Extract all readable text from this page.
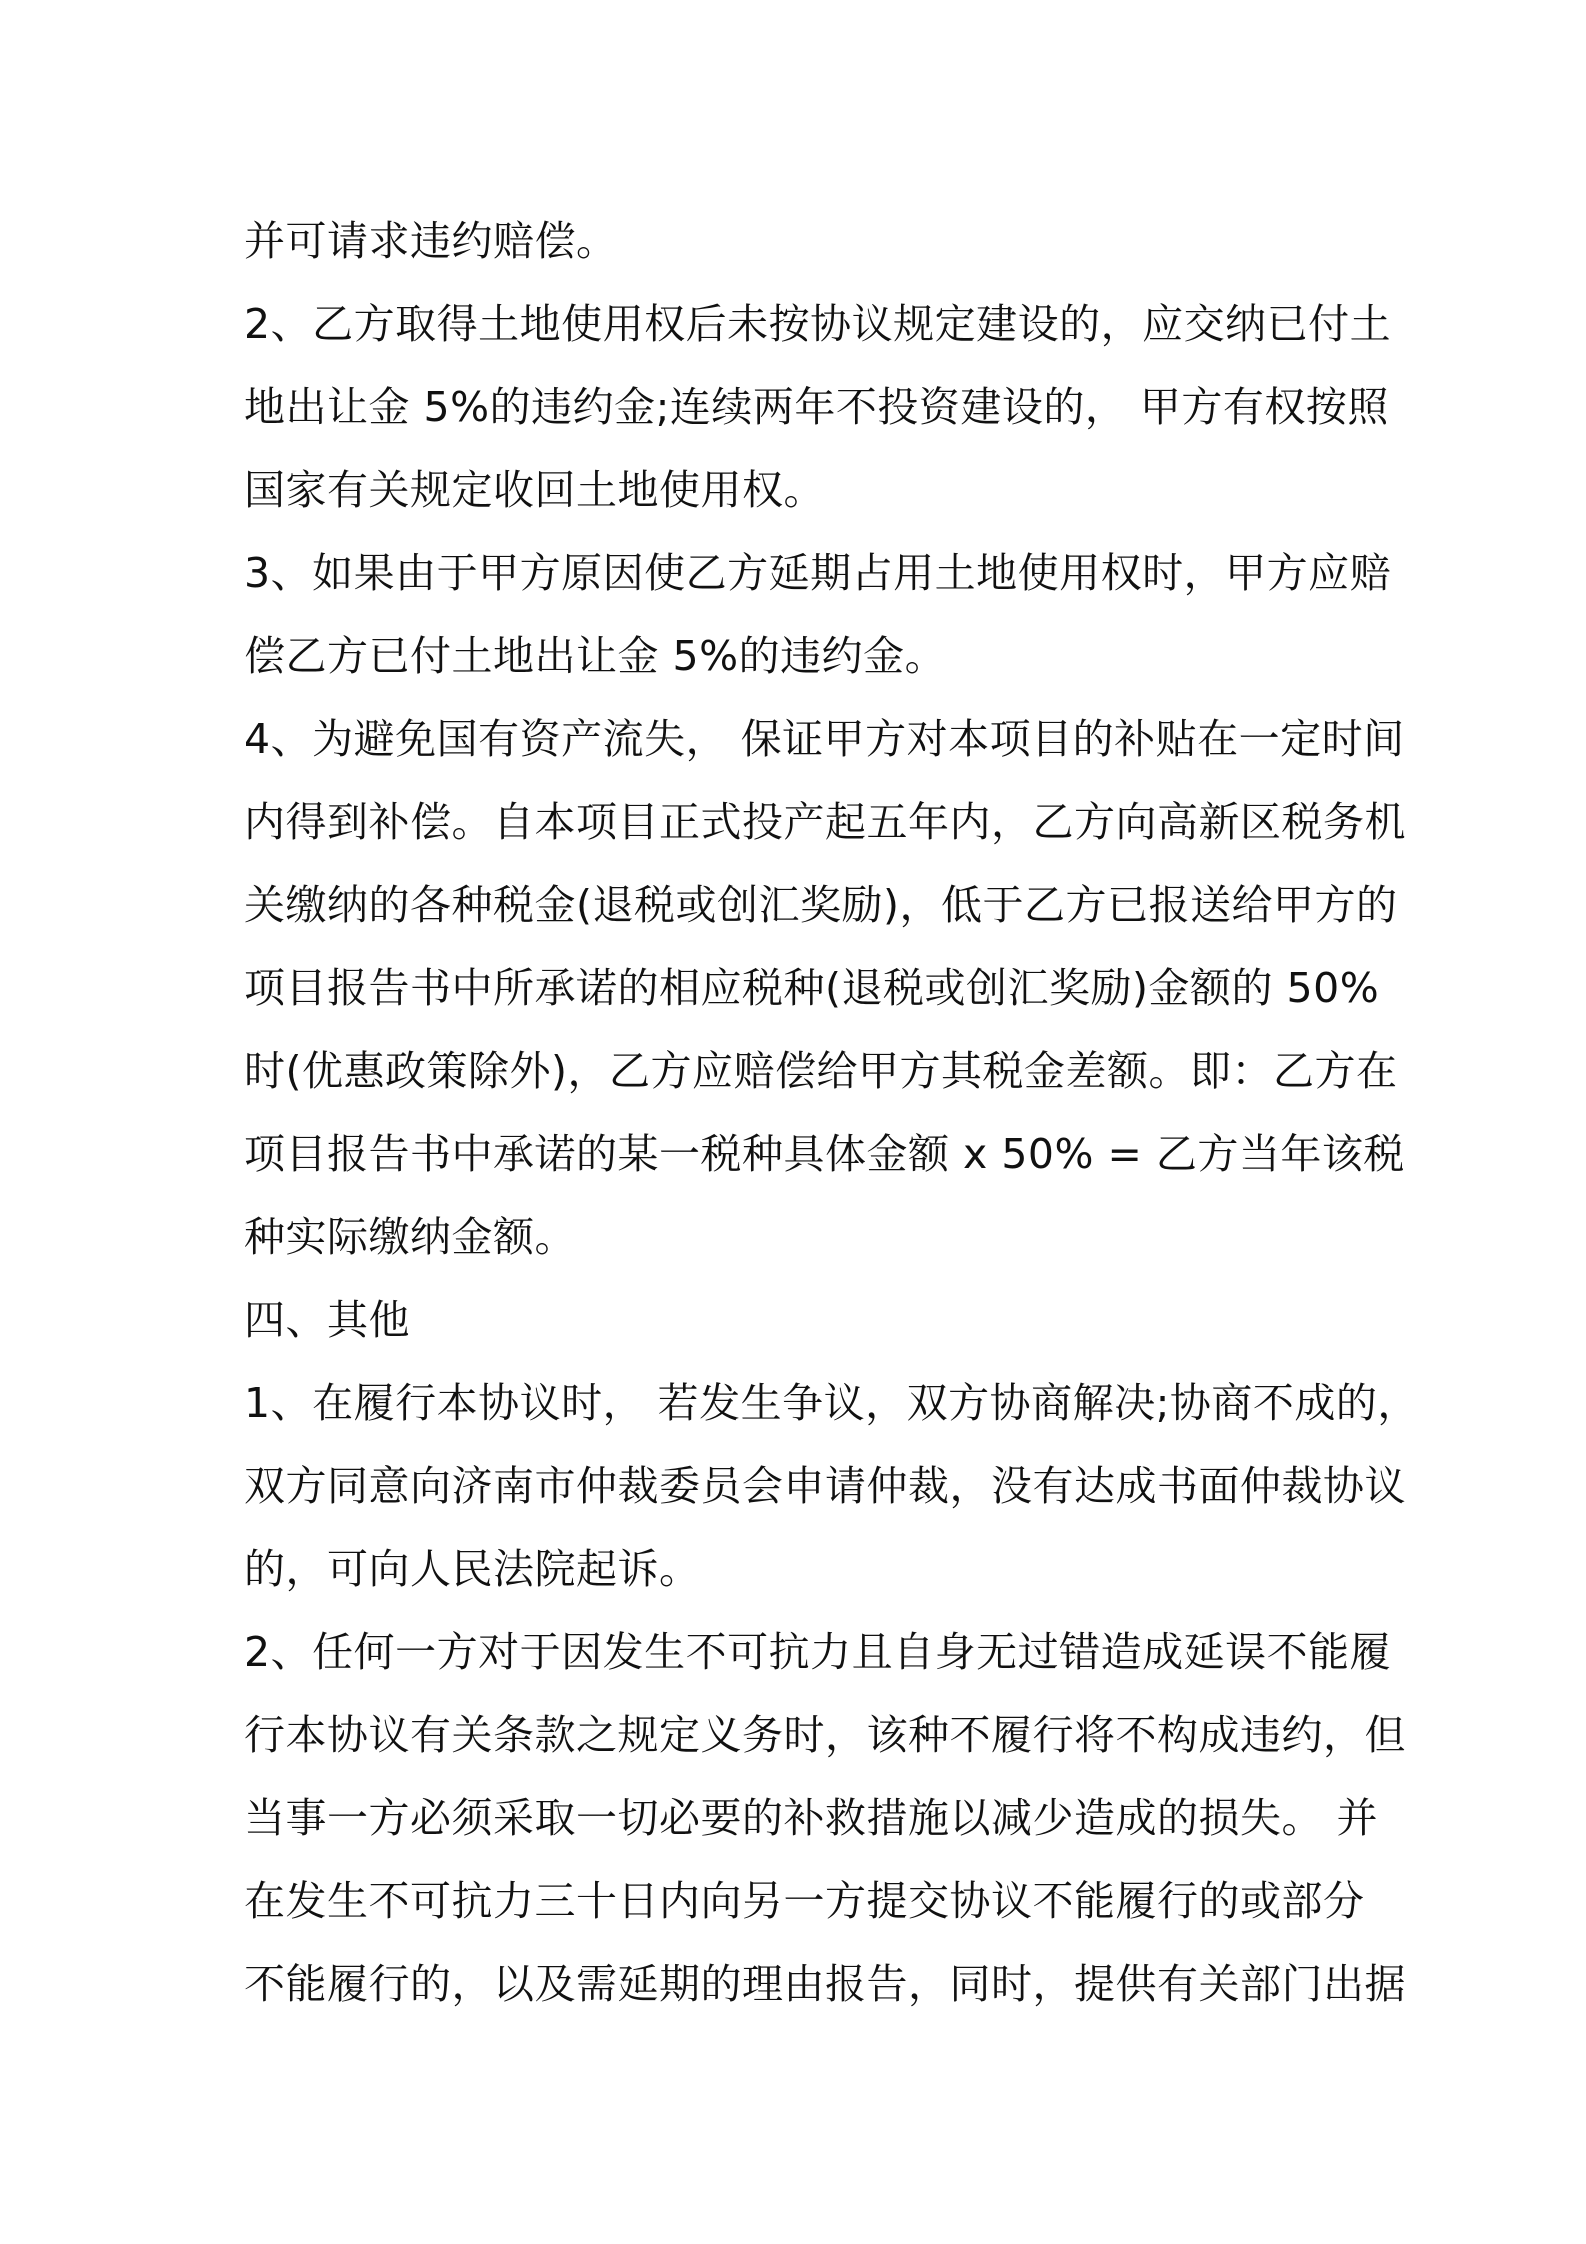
并可请求违约赔偿。
2、乙方取得土地使用权后未按协议规定建设的，应交纳已付土
地出让金 5%的违约金;连续两年不投资建设的， 甲方有权按照
国家有关规定收回土地使用权。
3、如果由于甲方原因使乙方延期占用土地使用权时，甲方应赔
偿乙方已付土地出让金 5%的违约金。
4、为避免国有资产流失， 保证甲方对本项目的补贴在一定时间
内得到补偿。自本项目正式投产起五年内，乙方向高新区税务机
关缴纳的各种税金(退税或创汇奖励)，低于乙方已报送给甲方的
项目报告书中所承诺的相应税种(退税或创汇奖励)金额的 50%
时(优惠政策除外)，乙方应赔偿给甲方其税金差额。即：乙方在
项目报告书中承诺的某一税种具体金额 x 50% = 乙方当年该税
种实际缴纳金额。
四、其他
1、在履行本协议时， 若发生争议，双方协商解决;协商不成的，
双方同意向济南市仲裁委员会申请仲裁，没有达成书面仲裁协议
的，可向人民法院起诉。
2、任何一方对于因发生不可抗力且自身无过错造成延误不能履
行本协议有关条款之规定义务时，该种不履行将不构成违约，但
当事一方必须采取一切必要的补救措施以减少造成的损失。 并
在发生不可抗力三十日内向另一方提交协议不能履行的或部分
不能履行的，以及需延期的理由报告，同时，提供有关部门出据
